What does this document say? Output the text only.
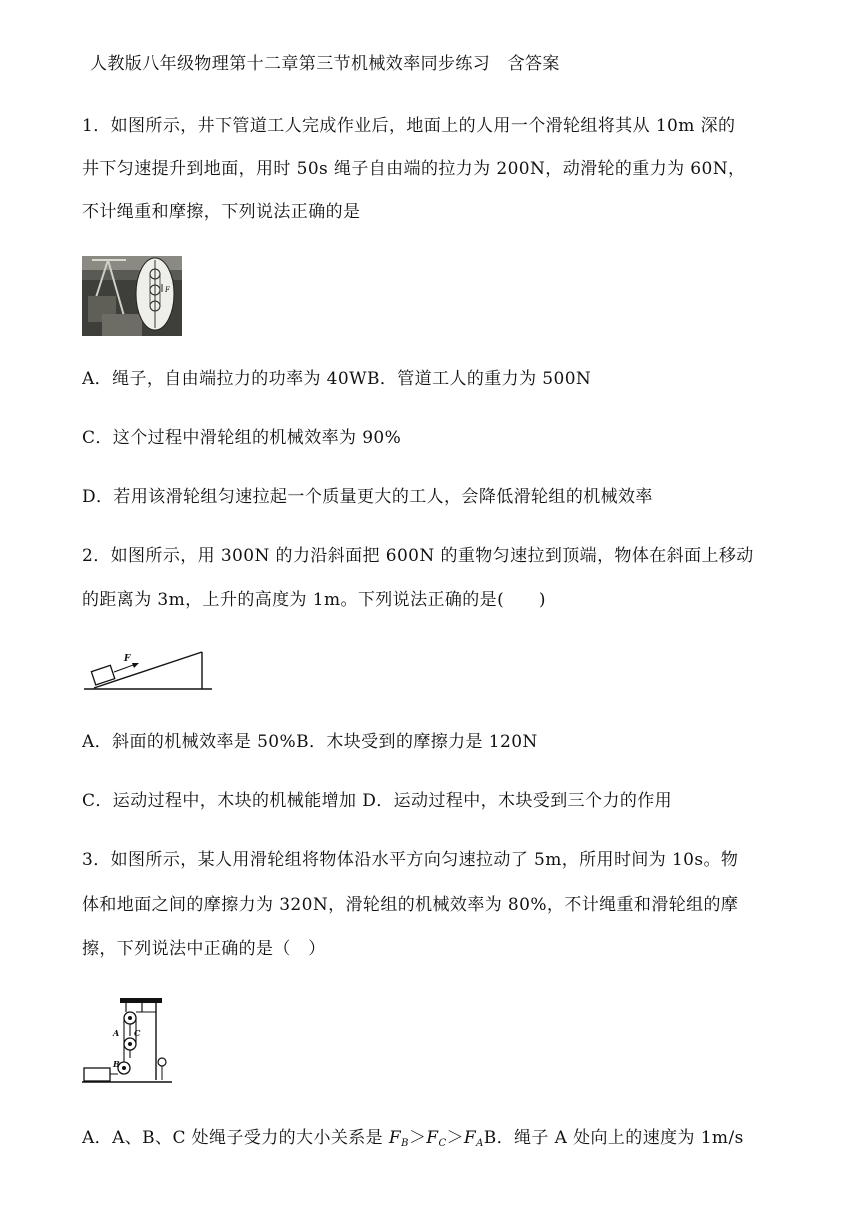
人教版八年级物理第十二章第三节机械效率同步练习　含答案
1．如图所示，井下管道工人完成作业后，地面上的人用一个滑轮组将其从 10m 深的
井下匀速提升到地面，用时 50s 绳子自由端的拉力为 200N，动滑轮的重力为 60N，
不计绳重和摩擦，下列说法正确的是
F
A．绳子，自由端拉力的功率为 40WB．管道工人的重力为 500N
C．这个过程中滑轮组的机械效率为 90%
D．若用该滑轮组匀速拉起一个质量更大的工人，会降低滑轮组的机械效率
2．如图所示，用 300N 的力沿斜面把 600N 的重物匀速拉到顶端，物体在斜面上移动
的距离为 3m，上升的高度为 1m。下列说法正确的是(　　)
F
A．斜面的机械效率是 50%B．木块受到的摩擦力是 120N
C．运动过程中，木块的机械能增加 D．运动过程中，木块受到三个力的作用
3．如图所示，某人用滑轮组将物体沿水平方向匀速拉动了 5m，所用时间为 10s。物
体和地面之间的摩擦力为 320N，滑轮组的机械效率为 80%，不计绳重和滑轮组的摩
擦，下列说法中正确的是（　）
A C
B
A．A、B、C 处绳子受力的大小关系是 $F_B>F_C>F_AB$．绳子 A 处向上的速度为 1m/s
